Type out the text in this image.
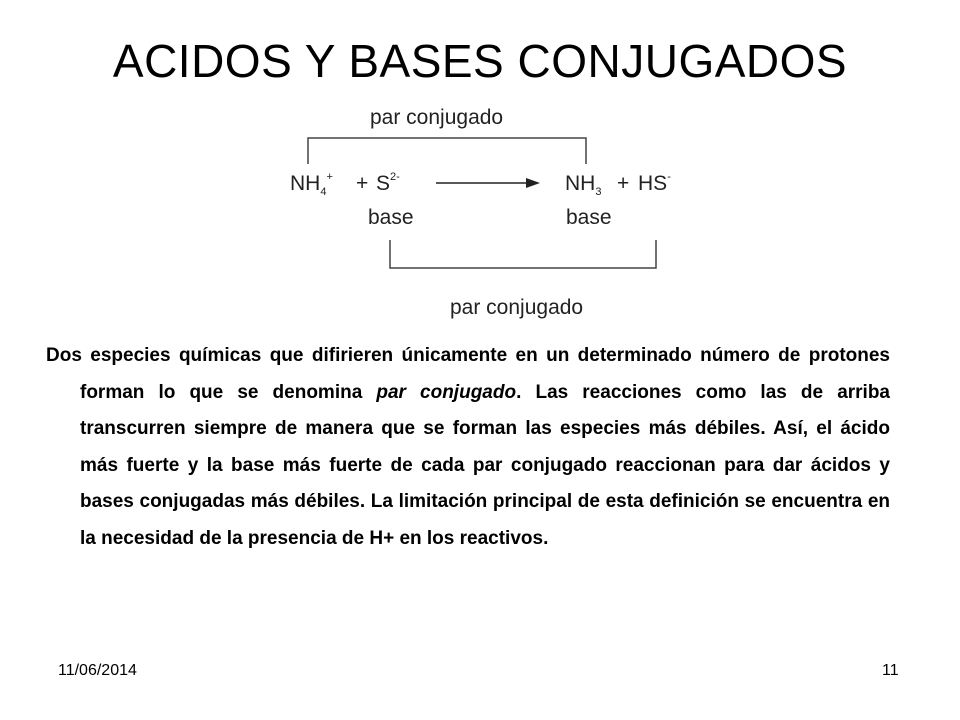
ACIDOS Y BASES CONJUGADOS
par conjugado
$NH_4^+ + S^{2-}$	$NH_3 + HS^-$
base	base
par conjugado
Dos especies químicas que difirieren únicamente en un determinado número de protones forman lo que se denomina par conjugado. Las reacciones como las de arriba transcurren siempre de manera que se forman las especies más débiles. Así, el ácido más fuerte y la base más fuerte de cada par conjugado reaccionan para dar ácidos y bases conjugadas más débiles. La limitación principal de esta definición se encuentra en la necesidad de la presencia de H+ en los reactivos.
11/06/2014	11
